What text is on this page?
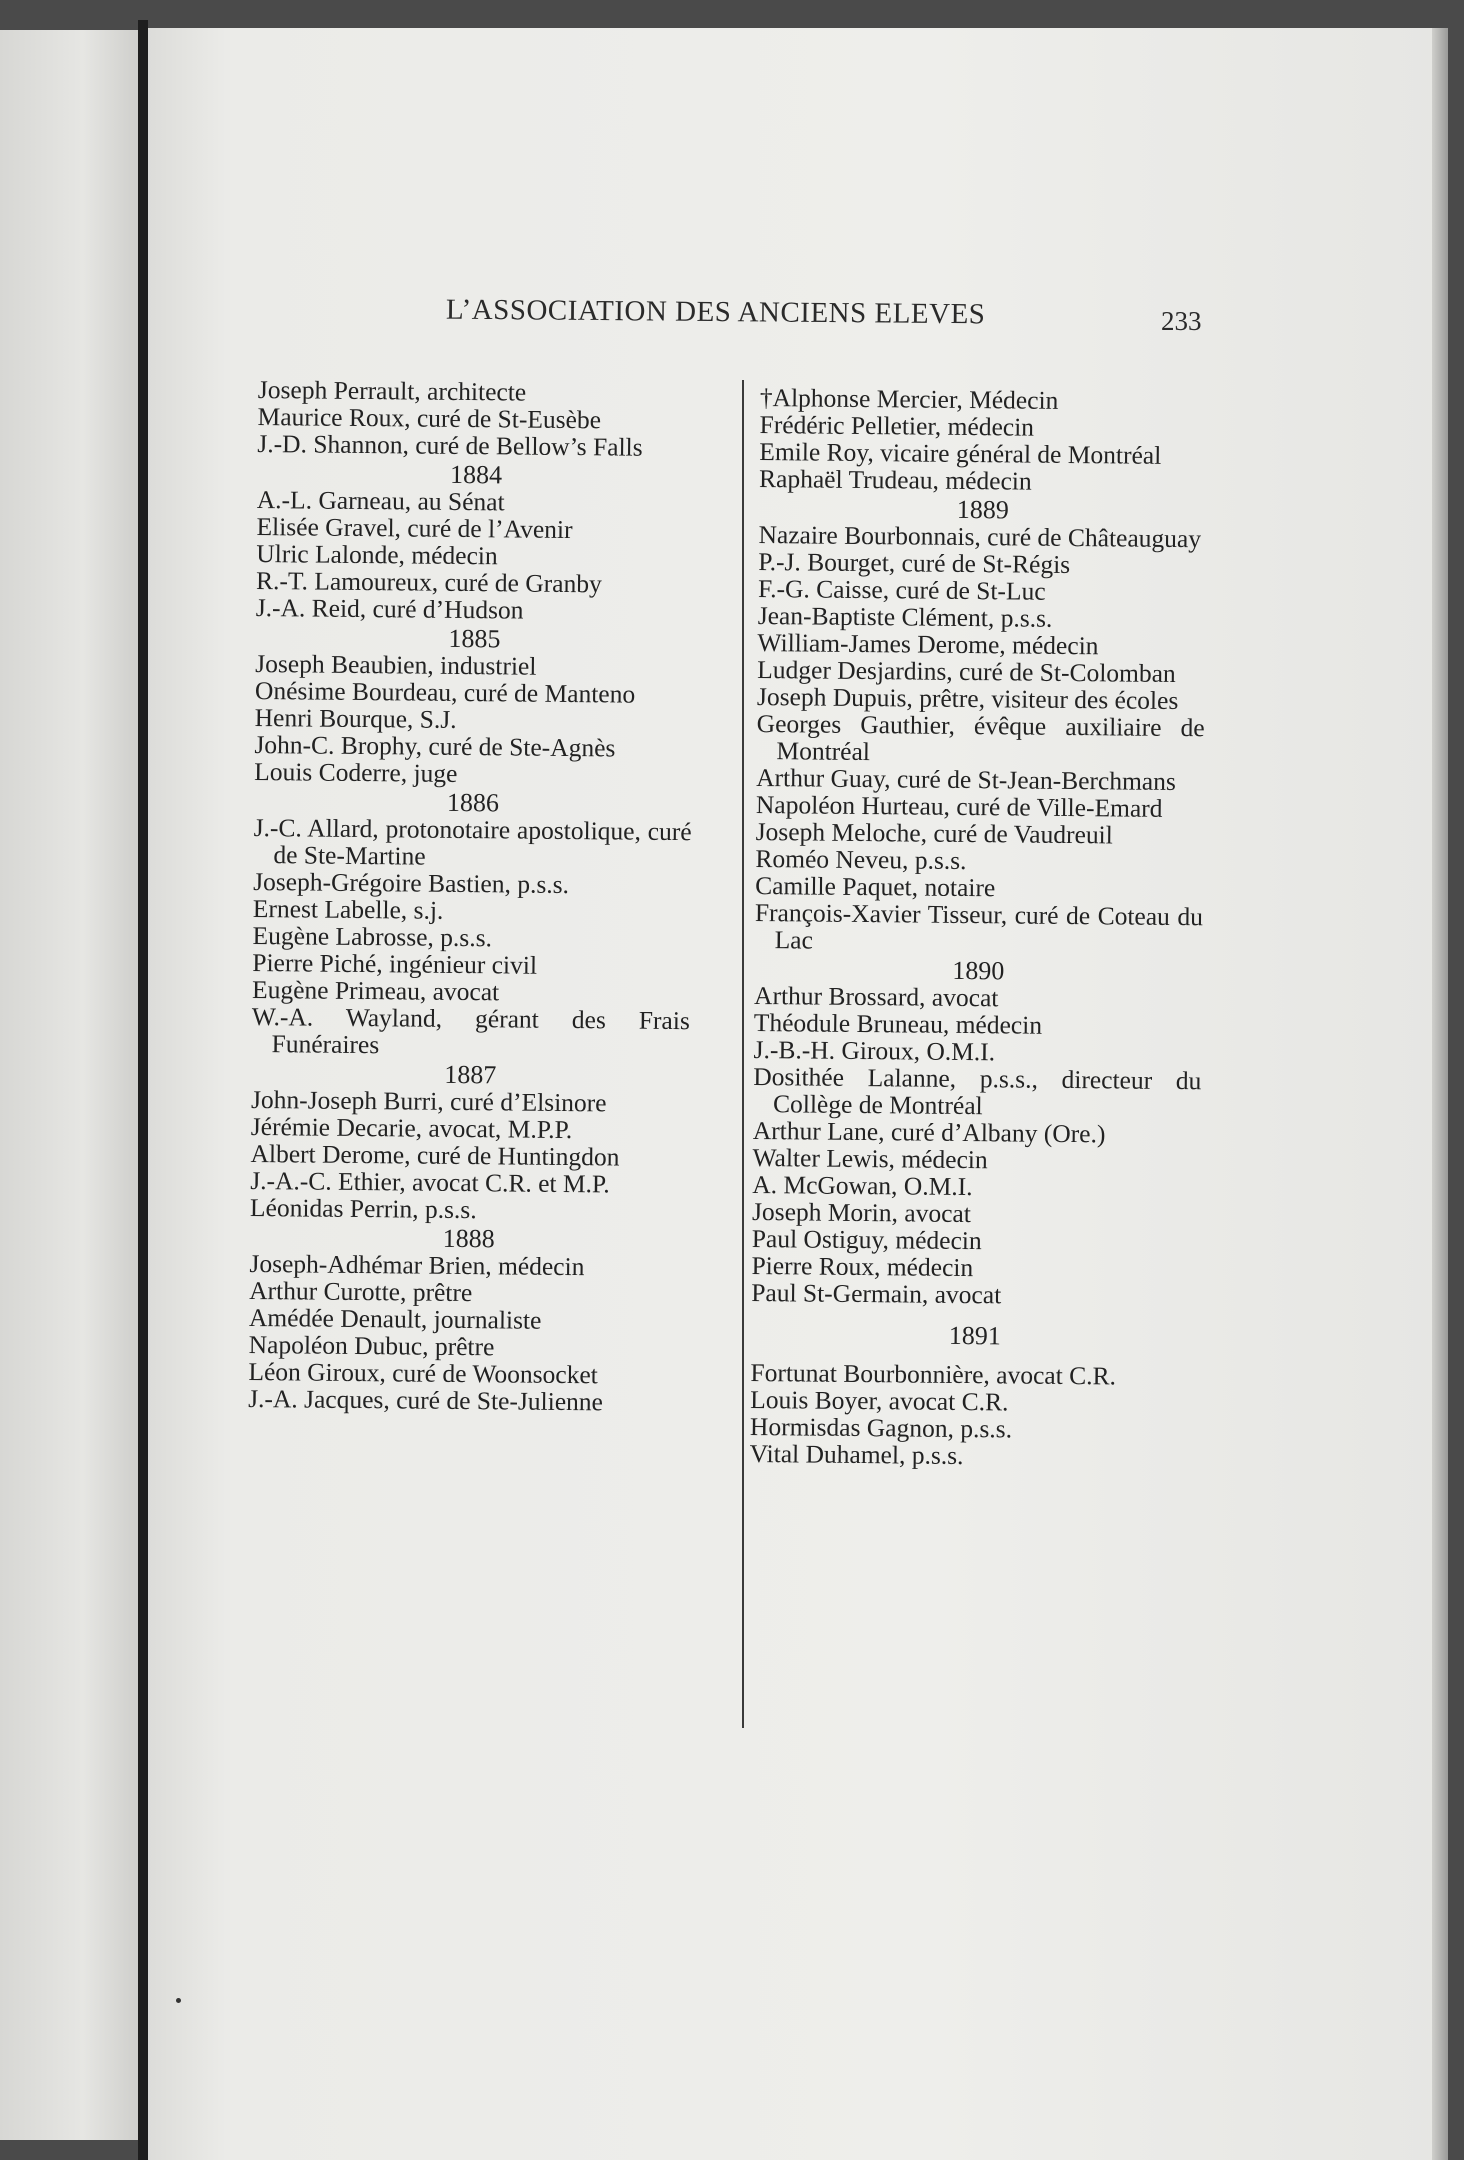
L’ASSOCIATION DES ANCIENS ELEVES	233

Joseph Perrault, architecte

Maurice Roux, curé de St-Eusèbe

J.-D. Shannon, curé de Bellow’s Falls

1884

A.-L. Garneau, au Sénat

Elisée Gravel, curé de l’Avenir

Ulric Lalonde, médecin

R.-T. Lamoureux, curé de Granby

J.-A. Reid, curé d’Hudson

1885

Joseph Beaubien, industriel

Onésime Bourdeau, curé de Manteno

Henri Bourque, S.J.

John-C. Brophy, curé de Ste-Agnès

Louis Coderre, juge

1886

J.-C. Allard, protonotaire apostolique, curé de Ste-Martine

Joseph-Grégoire Bastien, p.s.s.

Ernest Labelle, s.j.

Eugène Labrosse, p.s.s.

Pierre Piché, ingénieur civil

Eugène Primeau, avocat

W.-A. Wayland, gérant des Frais Funéraires

1887

John-Joseph Burri, curé d’Elsinore

Jérémie Decarie, avocat, M.P.P.

Albert Derome, curé de Huntingdon

J.-A.-C. Ethier, avocat C.R. et M.P.

Léonidas Perrin, p.s.s.

1888

Joseph-Adhémar Brien, médecin

Arthur Curotte, prêtre

Amédée Denault, journaliste

Napoléon Dubuc, prêtre

Léon Giroux, curé de Woonsocket

J.-A. Jacques, curé de Ste-Julienne

†Alphonse Mercier, Médecin

Frédéric Pelletier, médecin

Emile Roy, vicaire général de Montréal

Raphaël Trudeau, médecin

1889

Nazaire Bourbonnais, curé de Châteauguay

P.-J. Bourget, curé de St-Régis

F.-G. Caisse, curé de St-Luc

Jean-Baptiste Clément, p.s.s.

William-James Derome, médecin

Ludger Desjardins, curé de St-Colomban

Joseph Dupuis, prêtre, visiteur des écoles

Georges Gauthier, évêque auxiliaire de Montréal

Arthur Guay, curé de St-Jean-Berchmans

Napoléon Hurteau, curé de Ville-Emard

Joseph Meloche, curé de Vaudreuil

Roméo Neveu, p.s.s.

Camille Paquet, notaire

François-Xavier Tisseur, curé de Coteau du Lac

1890

Arthur Brossard, avocat

Théodule Bruneau, médecin

J.-B.-H. Giroux, O.M.I.

Dosithée Lalanne, p.s.s., directeur du Collège de Montréal

Arthur Lane, curé d’Albany (Ore.)

Walter Lewis, médecin

A. McGowan, O.M.I.

Joseph Morin, avocat

Paul Ostiguy, médecin

Pierre Roux, médecin

Paul St-Germain, avocat

1891

Fortunat Bourbonnière, avocat C.R.

Louis Boyer, avocat C.R.

Hormisdas Gagnon, p.s.s.

Vital Duhamel, p.s.s.
